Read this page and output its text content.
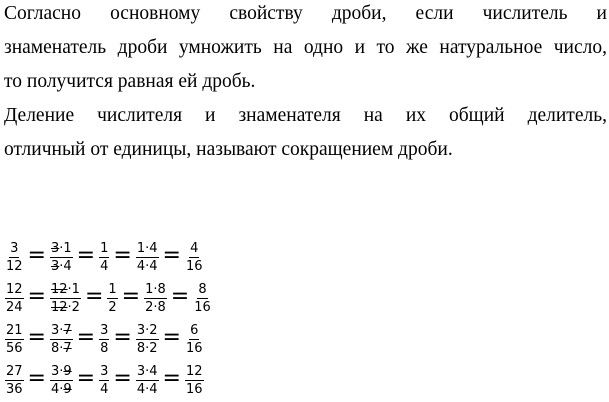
Согласно основному свойству дроби, если числитель и
знаменатель дроби умножить на одно и то же натуральное число,
то получится равная ей дробь.

Деление числителя и знаменателя на их общий делитель,
отличный от единицы, называют сокращением дроби.

$\frac{3}{12} = \frac{3\cdot 1}{3\cdot 4} = \frac{1}{4} = \frac{1\cdot 4}{4\cdot 4} = \frac{4}{16}$
$\frac{12}{24} = \frac{12\cdot 1}{12\cdot 2} = \frac{1}{2} = \frac{1\cdot 8}{2\cdot 8} = \frac{8}{16}$
$\frac{21}{56} = \frac{3\cdot 7}{8\cdot 7} = \frac{3}{8} = \frac{3\cdot 2}{8\cdot 2} = \frac{6}{16}$
$\frac{27}{36} = \frac{3\cdot 9}{4\cdot 9} = \frac{3}{4} = \frac{3\cdot 4}{4\cdot 4} = \frac{12}{16}$
